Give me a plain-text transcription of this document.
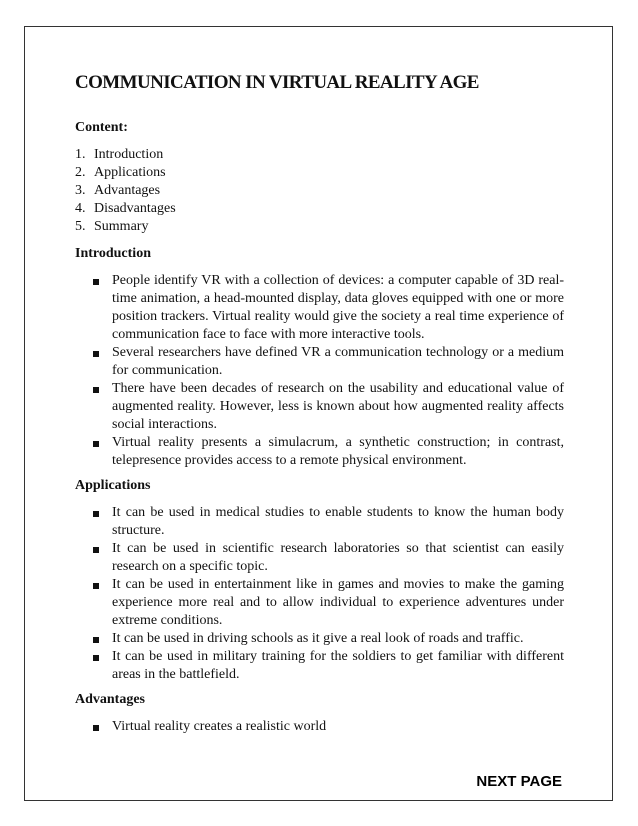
COMMUNICATION IN VIRTUAL REALITY AGE
Content:
1. Introduction
2. Applications
3. Advantages
4. Disadvantages
5. Summary
Introduction
People identify VR with a collection of devices: a computer capable of 3D real-time animation, a head-mounted display, data gloves equipped with one or more position trackers. Virtual reality would give the society a real time experience of communication face to face with more interactive tools.
Several researchers have defined VR a communication technology or a medium for communication.
There have been decades of research on the usability and educational value of augmented reality. However, less is known about how augmented reality affects social interactions.
Virtual reality presents a simulacrum, a synthetic construction; in contrast, telepresence provides access to a remote physical environment.
Applications
It can be used in medical studies to enable students to know the human body structure.
It can be used in scientific research laboratories so that scientist can easily research on a specific topic.
It can be used in entertainment like in games and movies to make the gaming experience more real and to allow individual to experience adventures under extreme conditions.
It can be used in driving schools as it give a real look of roads and traffic.
It can be used in military training for the soldiers to get familiar with different areas in the battlefield.
Advantages
Virtual reality creates a realistic world
NEXT PAGE
